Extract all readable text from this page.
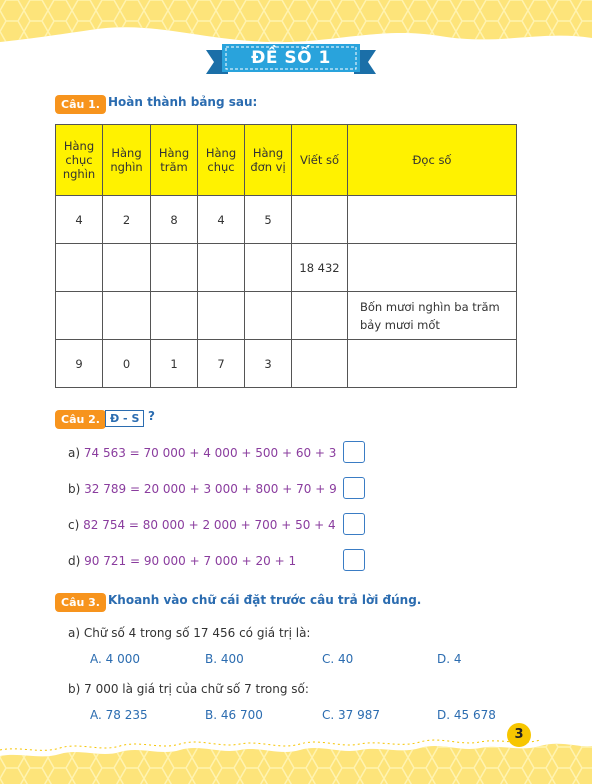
ĐỀ SỐ 1
Câu 1. Hoàn thành bảng sau:
Hàng chục nghìn	Hàng nghìn	Hàng trăm	Hàng chục	Hàng đơn vị	Viết số	Đọc số
4	2	8	4	5		
					18 432	
						Bốn mươi nghìn ba trăm bảy mươi mốt
9	0	1	7	3		
Câu 2. Đ - S ?
a) 74 563 = 70 000 + 4 000 + 500 + 60 + 3
b) 32 789 = 20 000 + 3 000 + 800 + 70 + 9
c) 82 754 = 80 000 + 2 000 + 700 + 50 + 4
d) 90 721 = 90 000 + 7 000 + 20 + 1
Câu 3. Khoanh vào chữ cái đặt trước câu trả lời đúng.
a) Chữ số 4 trong số 17 456 có giá trị là:
A. 4 000	B. 400	C. 40	D. 4
b) 7 000 là giá trị của chữ số 7 trong số:
A. 78 235	B. 46 700	C. 37 987	D. 45 678
3
